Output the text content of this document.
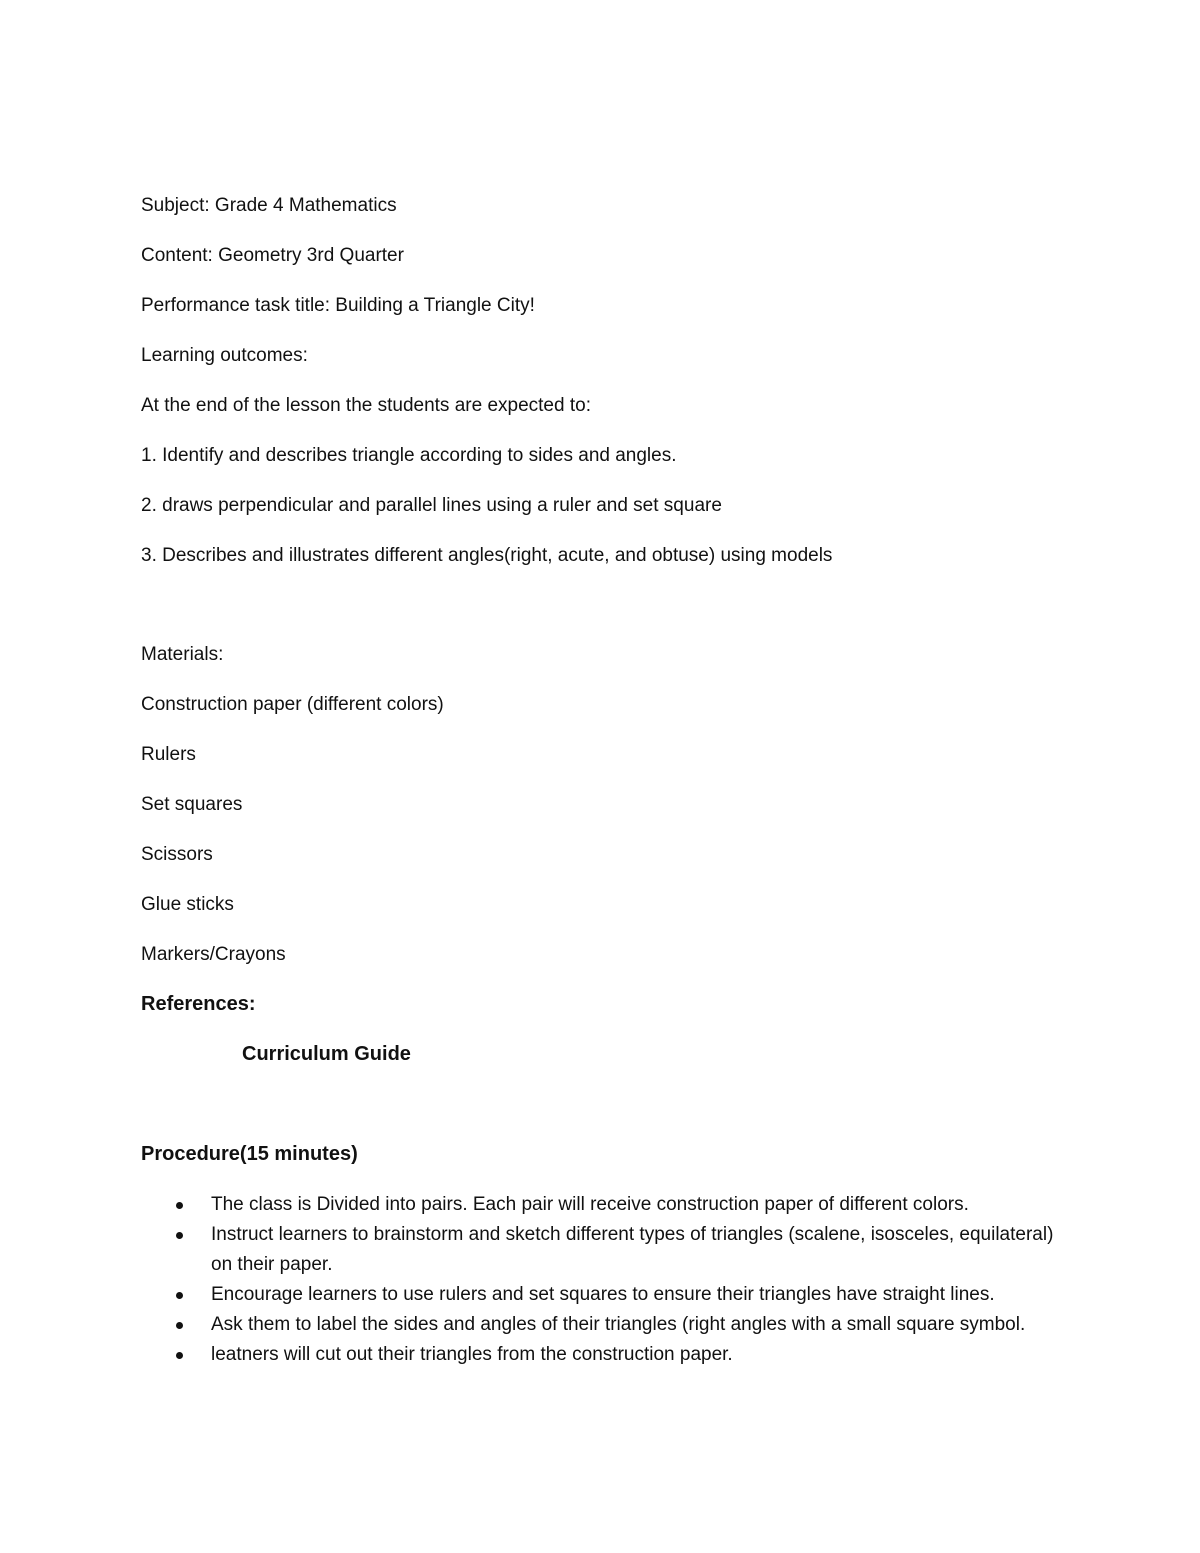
Subject: Grade 4 Mathematics
Content: Geometry 3rd Quarter
Performance task title: Building a Triangle City!
Learning outcomes:
At the end of the lesson the students are expected to:
1. Identify and describes triangle according to sides and angles.
2. draws perpendicular and parallel lines using a ruler and set square
3. Describes and illustrates different angles(right, acute, and obtuse) using models
Materials:
Construction paper (different colors)
Rulers
Set squares
Scissors
Glue sticks
Markers/Crayons
References:
Curriculum Guide
Procedure(15 minutes)
The class is Divided into pairs. Each pair will receive construction paper of different colors.
Instruct learners to brainstorm and sketch different types of triangles (scalene, isosceles, equilateral) on their paper.
Encourage learners to use rulers and set squares to ensure their triangles have straight lines.
Ask them to label the sides and angles of their triangles (right angles with a small square symbol.
leatners will cut out their triangles from the construction paper.
